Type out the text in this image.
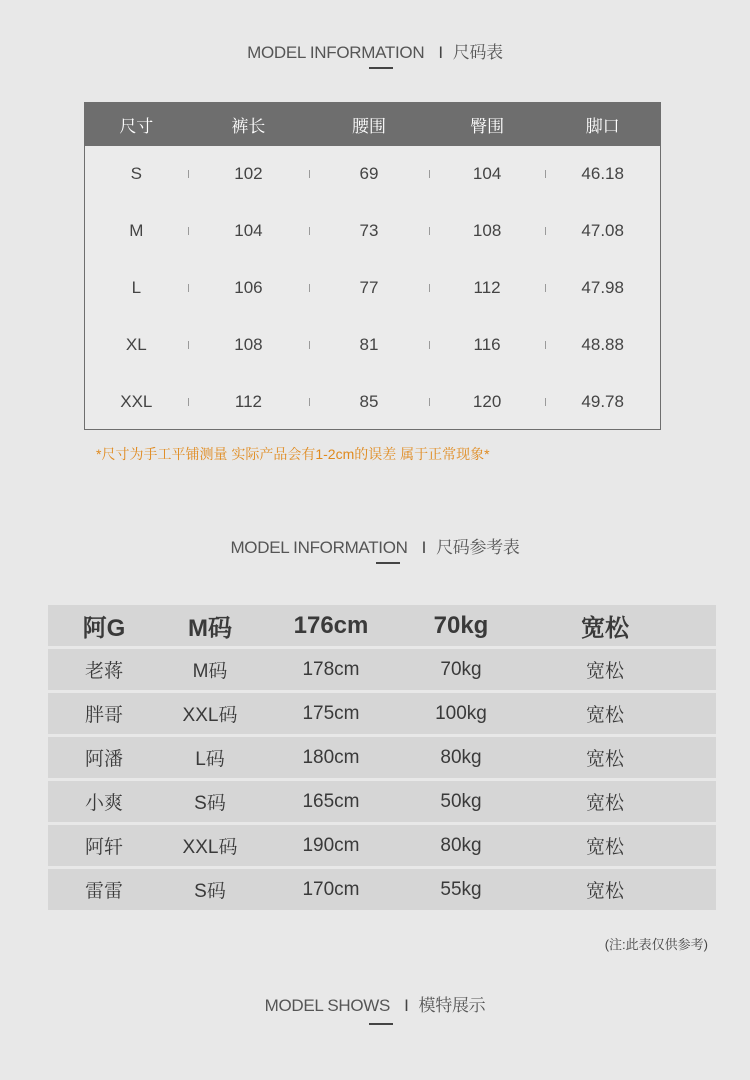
MODEL INFORMATION I 尺码表
尺寸	裤长	腰围	臀围	脚口
S	102	69	104	46.18
M	104	73	108	47.08
L	106	77	112	47.98
XL	108	81	116	48.88
XXL	112	85	120	49.78
*尺寸为手工平铺测量 实际产品会有1-2cm的误差 属于正常现象*
MODEL INFORMATION I 尺码参考表
阿G	M码	176cm	70kg	宽松
老蒋	M码	178cm	70kg	宽松
胖哥	XXL码	175cm	100kg	宽松
阿潘	L码	180cm	80kg	宽松
小爽	S码	165cm	50kg	宽松
阿轩	XXL码	190cm	80kg	宽松
雷雷	S码	170cm	55kg	宽松
(注:此表仅供参考)
MODEL SHOWS I 模特展示
